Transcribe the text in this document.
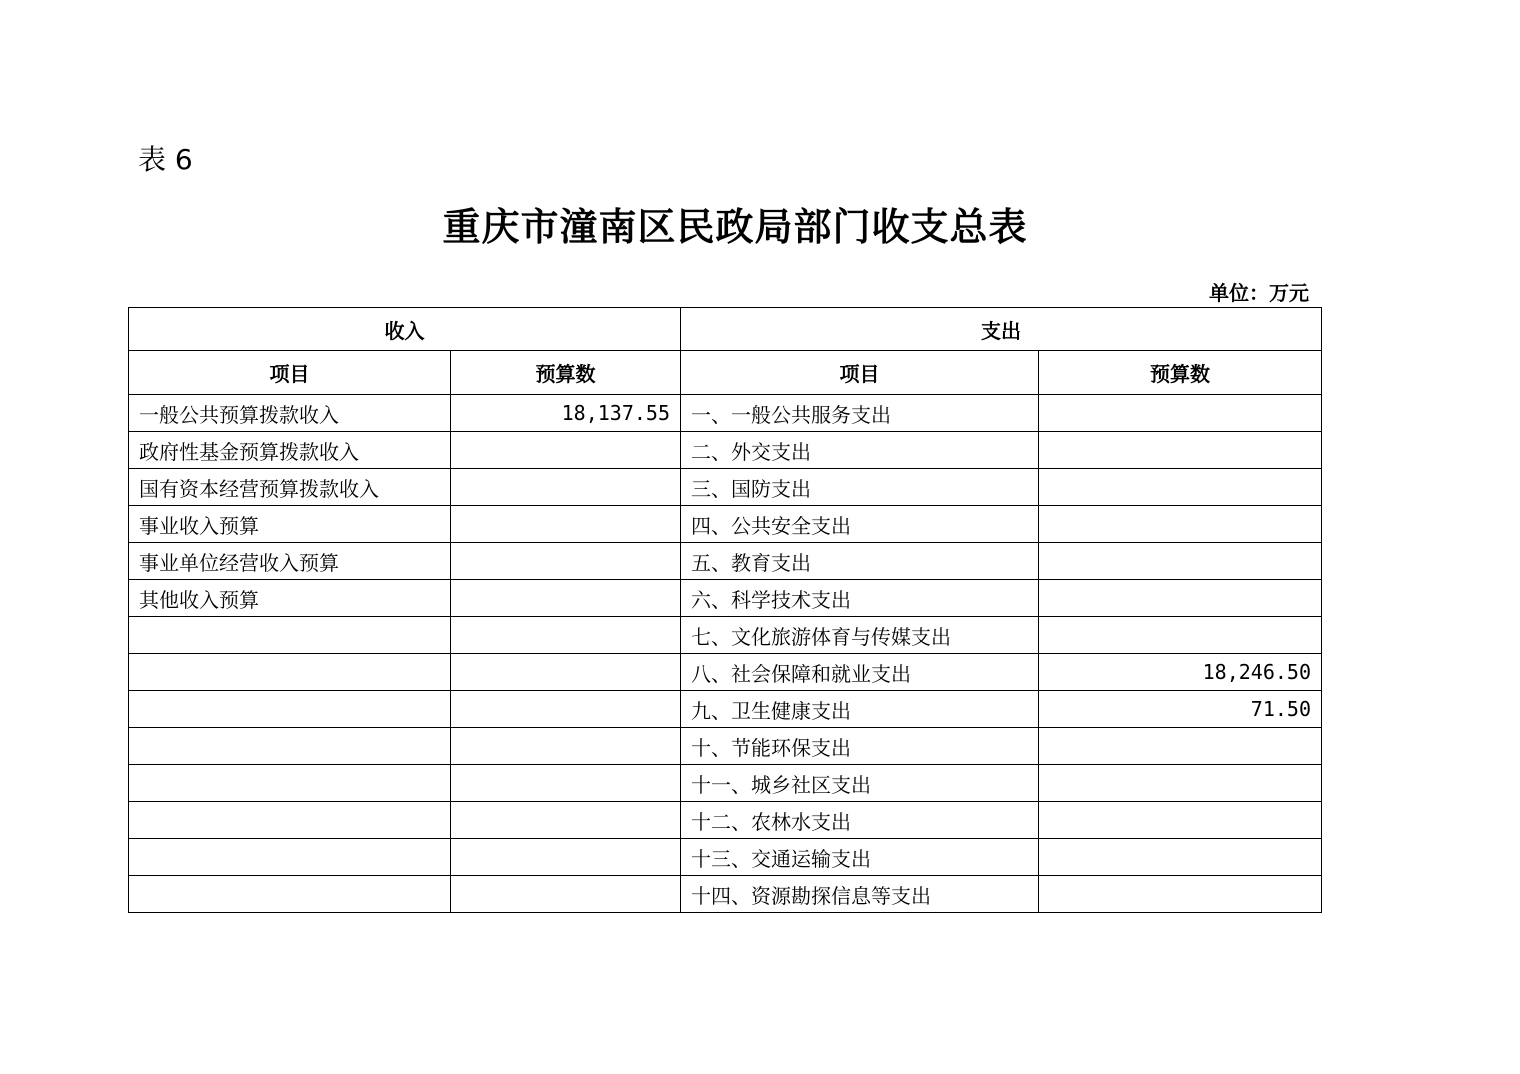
表 6
重庆市潼南区民政局部门收支总表
单位：万元
收入		支出	
项目	预算数	项目	预算数
一般公共预算拨款收入	18,137.55	一、一般公共服务支出	
政府性基金预算拨款收入		二、外交支出	
国有资本经营预算拨款收入		三、国防支出	
事业收入预算		四、公共安全支出	
事业单位经营收入预算		五、教育支出	
其他收入预算		六、科学技术支出	
		七、文化旅游体育与传媒支出	
		八、社会保障和就业支出	18,246.50
		九、卫生健康支出	71.50
		十、节能环保支出	
		十一、城乡社区支出	
		十二、农林水支出	
		十三、交通运输支出	
		十四、资源勘探信息等支出	
